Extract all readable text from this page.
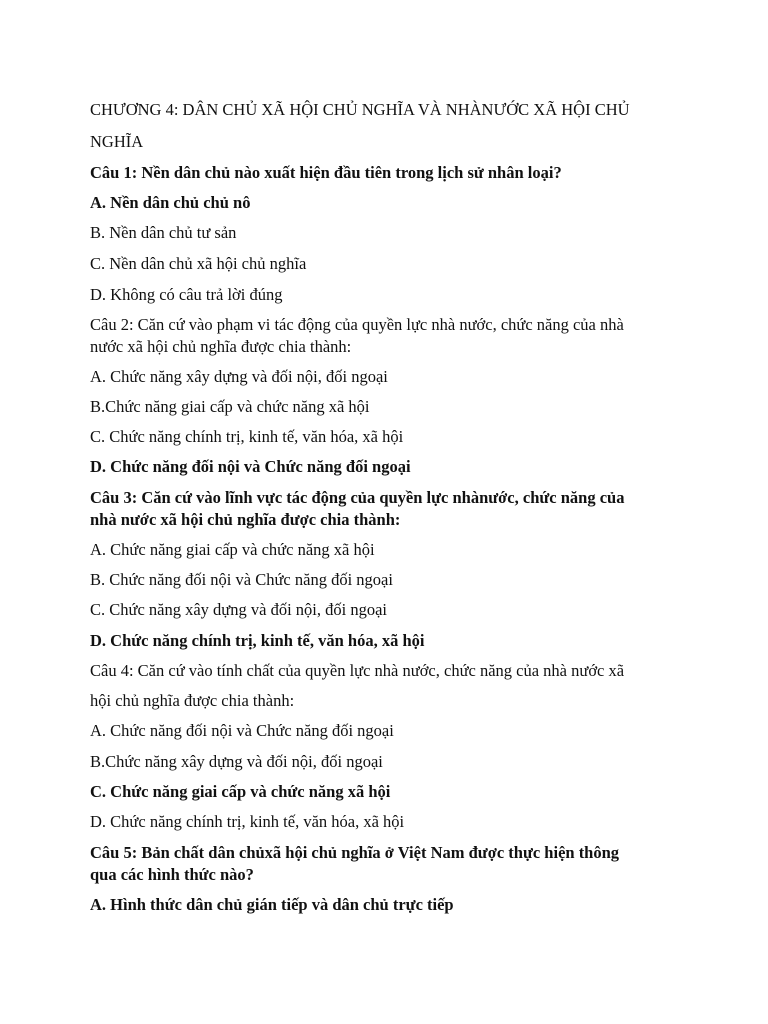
CHƯƠNG 4: DÂN CHỦ XÃ HỘI CHỦ NGHĨA VÀ NHÀNƯỚC XÃ HỘI CHỦ
NGHĨA
Câu 1: Nền dân chủ nào xuất hiện đầu tiên trong lịch sử nhân loại?
A. Nền dân chủ chủ nô
B. Nền dân chủ tư sản
C. Nền dân chủ xã hội chủ nghĩa
D. Không có câu trả lời đúng
Câu 2: Căn cứ vào phạm vi tác động của quyền lực nhà nước, chức năng của nhà
nước xã hội chủ nghĩa được chia thành:
A. Chức năng xây dựng và đối nội, đối ngoại
B.Chức năng giai cấp và chức năng xã hội
C. Chức năng chính trị, kinh tế, văn hóa, xã hội
D. Chức năng đối nội và Chức năng đối ngoại
Câu 3: Căn cứ vào lĩnh vực tác động của quyền lực nhànước, chức năng của
nhà nước xã hội chủ nghĩa được chia thành:
A. Chức năng giai cấp và chức năng xã hội
B. Chức năng đối nội và Chức năng đối ngoại
C. Chức năng xây dựng và đối nội, đối ngoại
D. Chức năng chính trị, kinh tế, văn hóa, xã hội
Câu 4: Căn cứ vào tính chất của quyền lực nhà nước, chức năng của nhà nước xã
hội chủ nghĩa được chia thành:
A. Chức năng đối nội và Chức năng đối ngoại
B.Chức năng xây dựng và đối nội, đối ngoại
C. Chức năng giai cấp và chức năng xã hội
D. Chức năng chính trị, kinh tế, văn hóa, xã hội
Câu 5: Bản chất dân chủxã hội chủ nghĩa ở Việt Nam được thực hiện thông
qua các hình thức nào?
A. Hình thức dân chủ gián tiếp và dân chủ trực tiếp
